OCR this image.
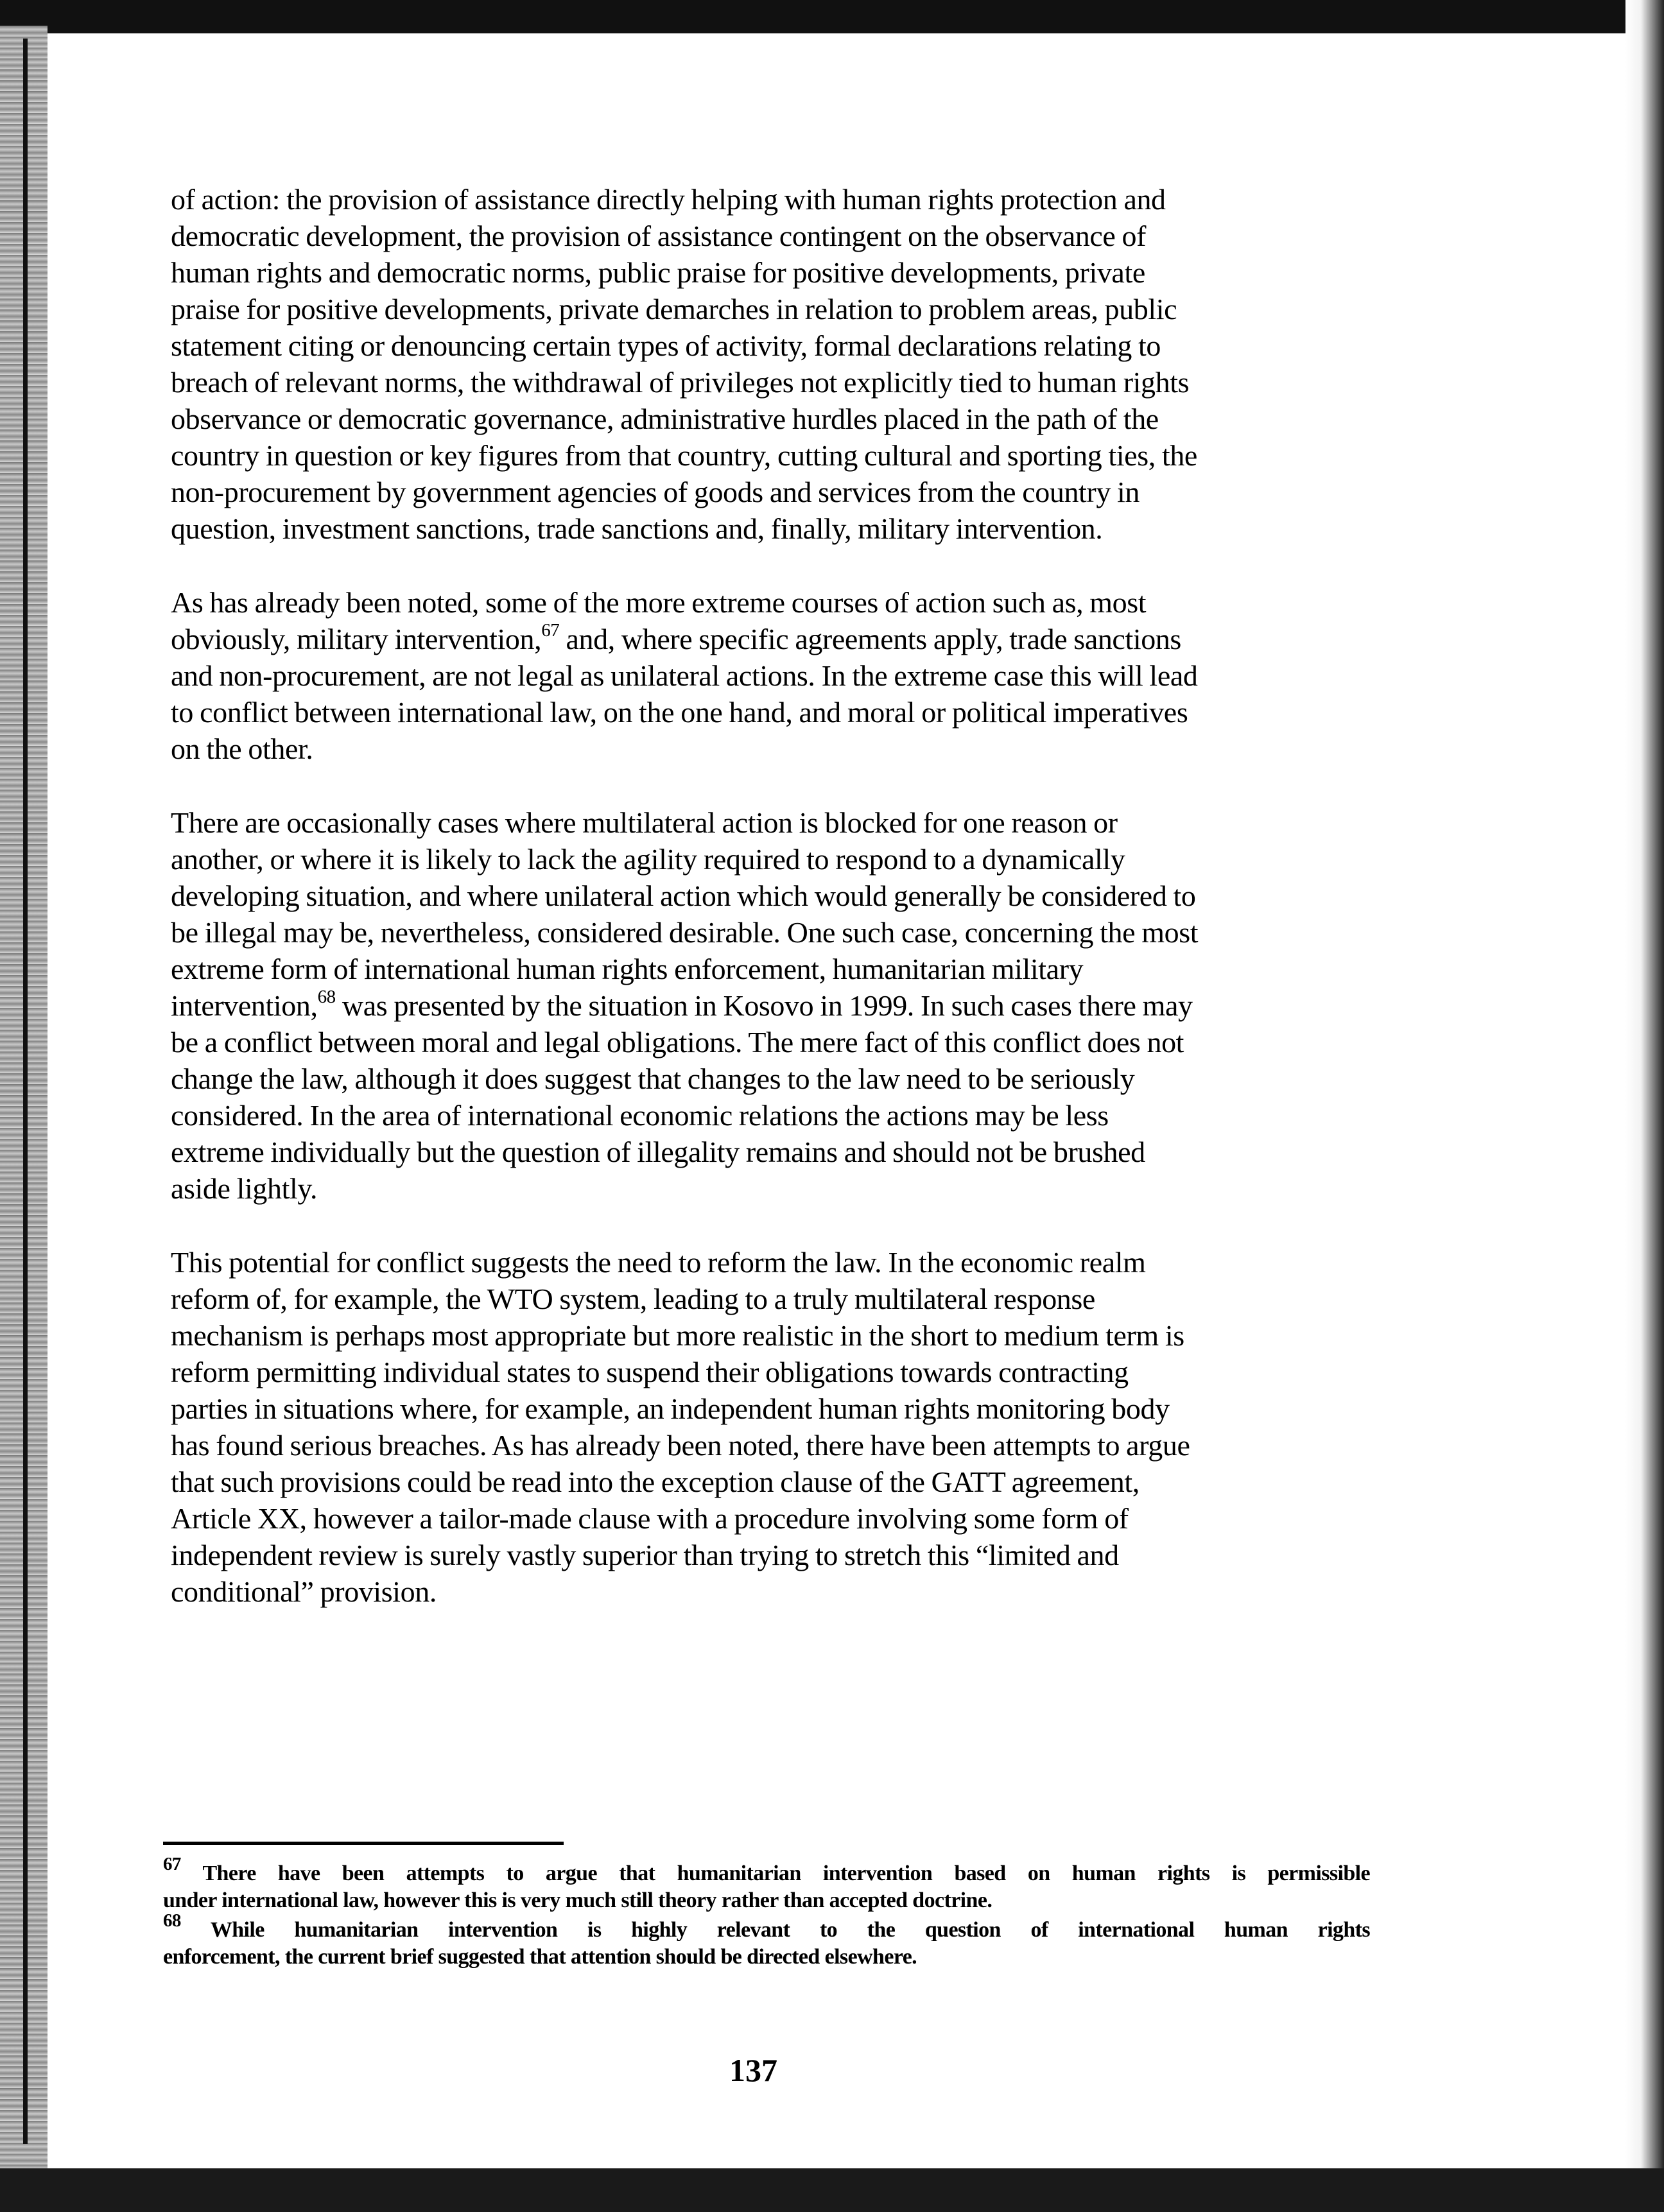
of action: the provision of assistance directly helping with human rights protection and
democratic development, the provision of assistance contingent on the observance of
human rights and democratic norms, public praise for positive developments, private
praise for positive developments, private demarches in relation to problem areas, public
statement citing or denouncing certain types of activity, formal declarations relating to
breach of relevant norms, the withdrawal of privileges not explicitly tied to human rights
observance or democratic governance, administrative hurdles placed in the path of the
country in question or key figures from that country, cutting cultural and sporting ties, the
non-procurement by government agencies of goods and services from the country in
question, investment sanctions, trade sanctions and, finally, military intervention.

As has already been noted, some of the more extreme courses of action such as, most
obviously, military intervention,$^{67}$ and, where specific agreements apply, trade sanctions
and non-procurement, are not legal as unilateral actions. In the extreme case this will lead
to conflict between international law, on the one hand, and moral or political imperatives
on the other.

There are occasionally cases where multilateral action is blocked for one reason or
another, or where it is likely to lack the agility required to respond to a dynamically
developing situation, and where unilateral action which would generally be considered to
be illegal may be, nevertheless, considered desirable. One such case, concerning the most
extreme form of international human rights enforcement, humanitarian military
intervention,$^{68}$ was presented by the situation in Kosovo in 1999. In such cases there may
be a conflict between moral and legal obligations. The mere fact of this conflict does not
change the law, although it does suggest that changes to the law need to be seriously
considered. In the area of international economic relations the actions may be less
extreme individually but the question of illegality remains and should not be brushed
aside lightly.

This potential for conflict suggests the need to reform the law. In the economic realm
reform of, for example, the WTO system, leading to a truly multilateral response
mechanism is perhaps most appropriate but more realistic in the short to medium term is
reform permitting individual states to suspend their obligations towards contracting
parties in situations where, for example, an independent human rights monitoring body
has found serious breaches. As has already been noted, there have been attempts to argue
that such provisions could be read into the exception clause of the GATT agreement,
Article XX, however a tailor-made clause with a procedure involving some form of
independent review is surely vastly superior than trying to stretch this “limited and
conditional” provision.

$^{67}$ There have been attempts to argue that humanitarian intervention based on human rights is permissible
under international law, however this is very much still theory rather than accepted doctrine.
$^{68}$ While humanitarian intervention is highly relevant to the question of international human rights
enforcement, the current brief suggested that attention should be directed elsewhere.
137
